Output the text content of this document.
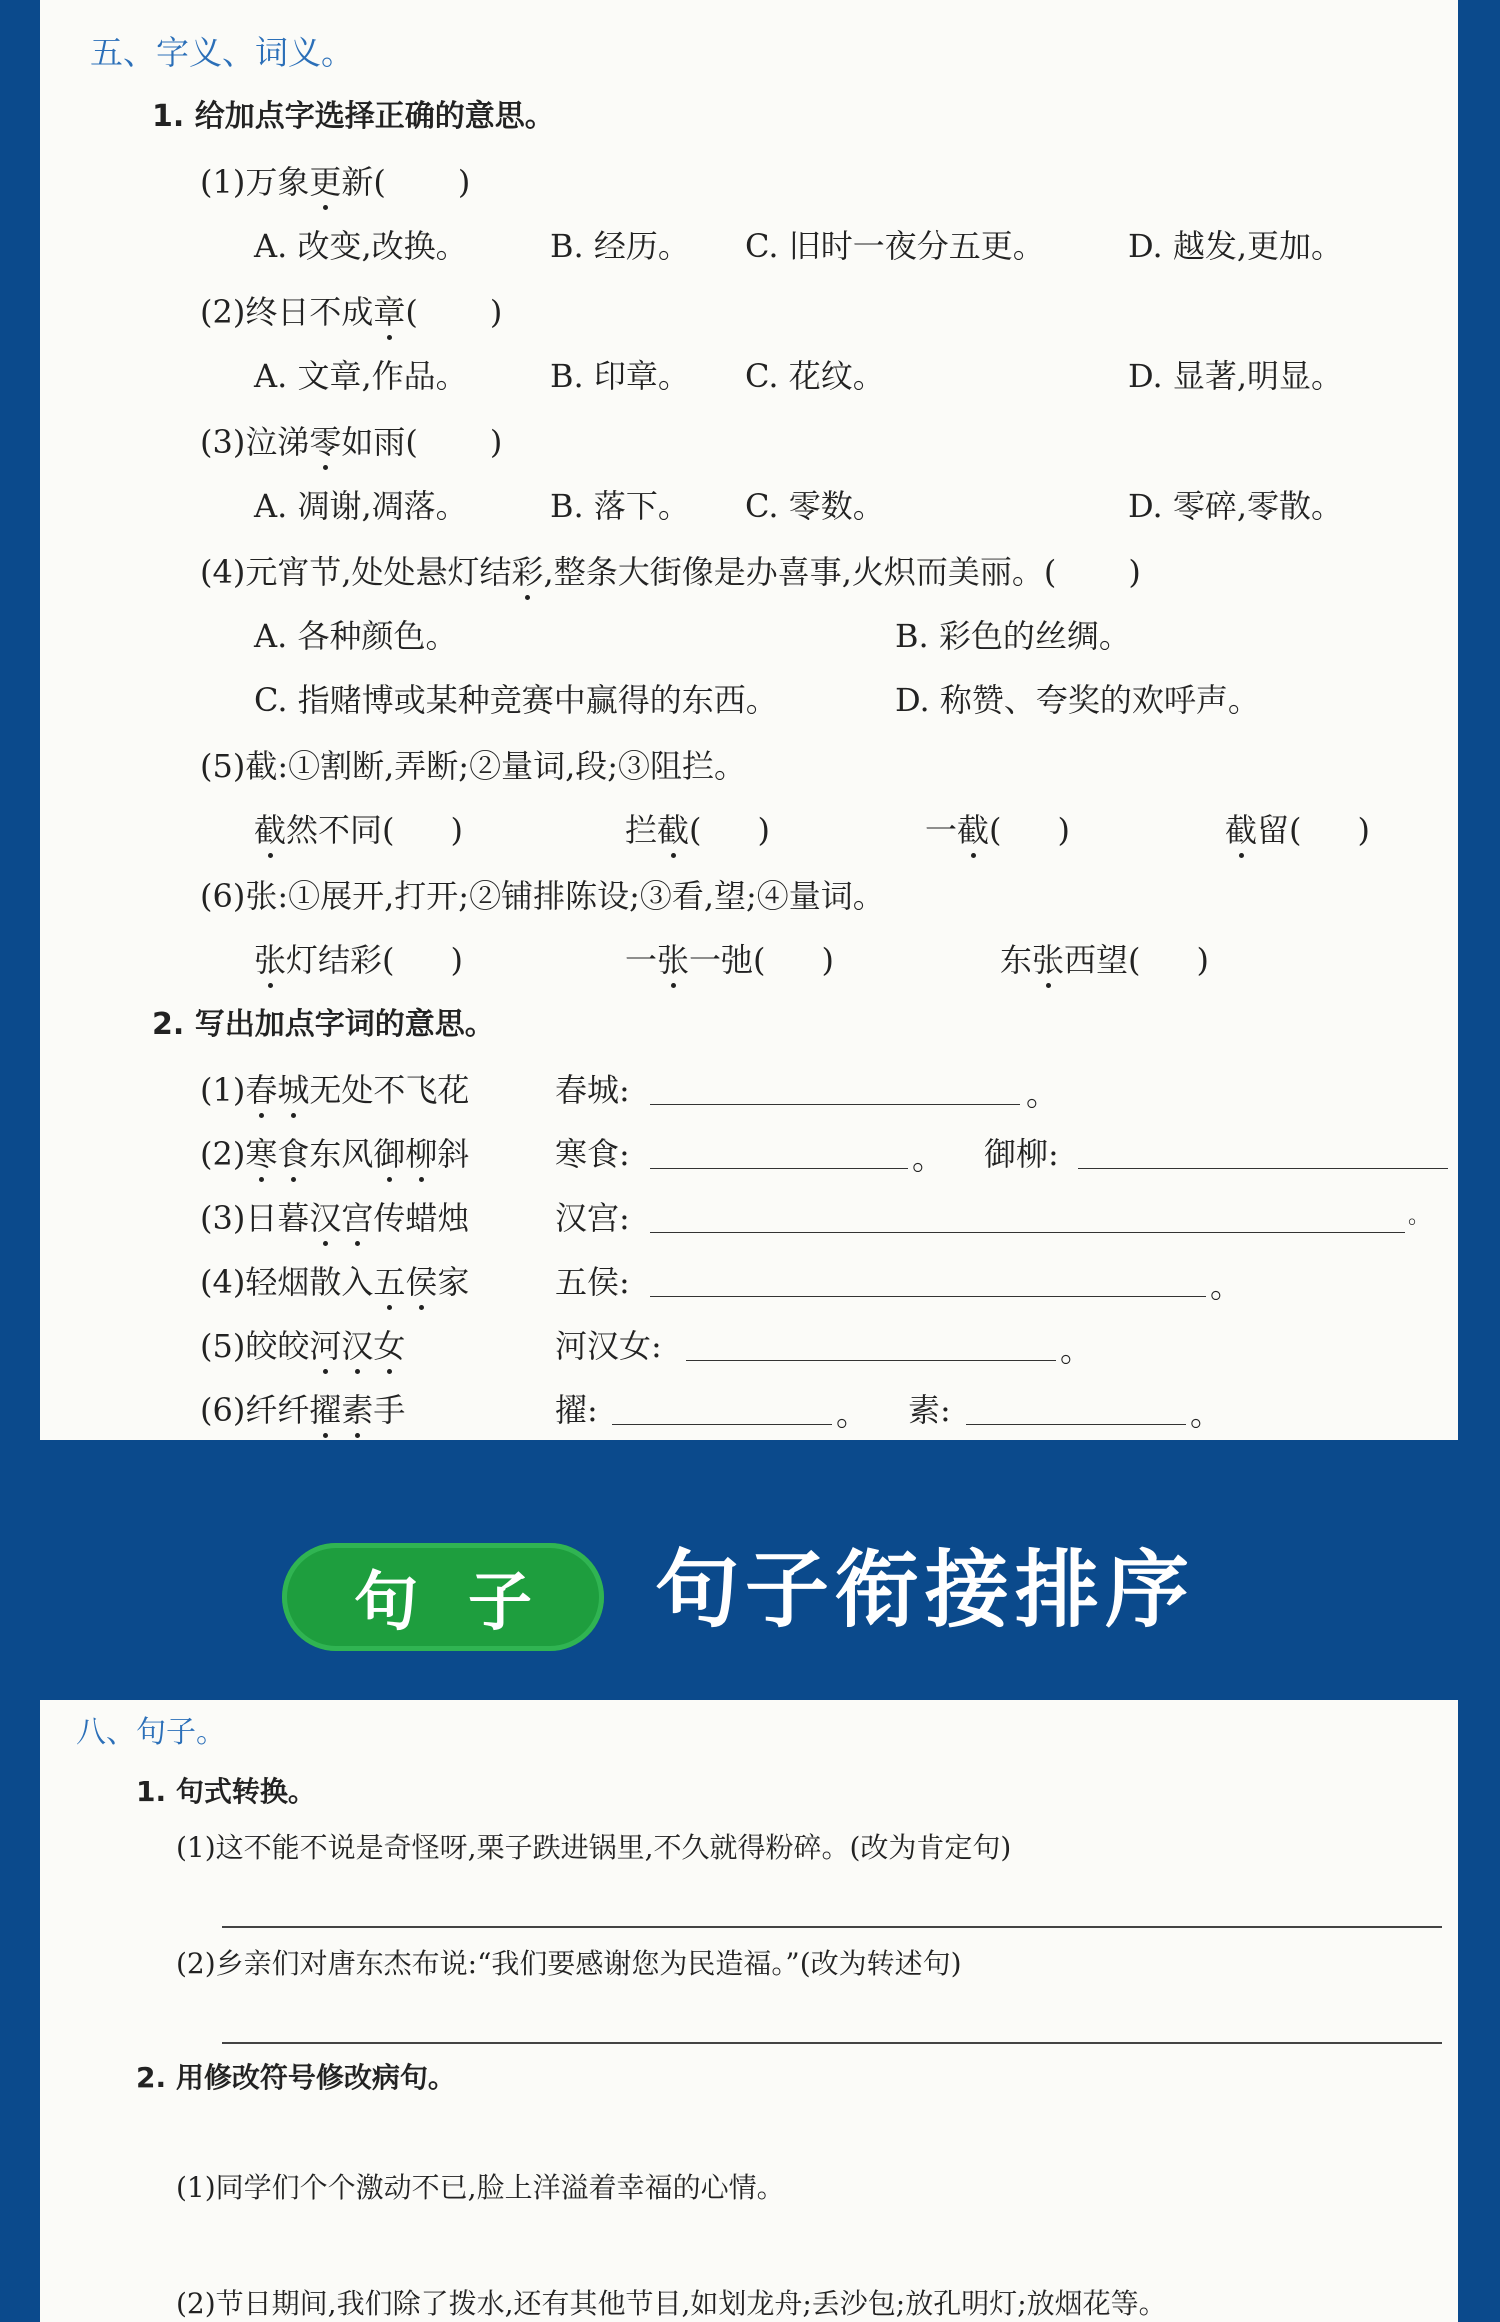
五、字义、词义。
1. 给加点字选择正确的意思。
(1)万象更新( )
A. 改变,改换。	B. 经历。 C. 旧时一夜分五更。	D. 越发,更加。
(2)终日不成章( )
A. 文章,作品。	B. 印章。 C. 花纹。	D. 显著,明显。
(3)泣涕零如雨( )
A. 凋谢,凋落。	B. 落下。 C. 零数。	D. 零碎,零散。
(4)元宵节,处处悬灯结彩,整条大街像是办喜事,火炽而美丽。( )
A. 各种颜色。	B. 彩色的丝绸。
C. 指赌博或某种竞赛中赢得的东西。	D. 称赞、夸奖的欢呼声。
(5)截:①割断,弄断;②量词,段;③阻拦。
截然不同( )	拦截( )	一截( )	截留( )
(6)张:①展开,打开;②铺排陈设;③看,望;④量词。
张灯结彩( )	一张一弛( )	东张西望( )
2. 写出加点字词的意思。
(1)春城无处不飞花	春城:	。
(2)寒食东风御柳斜	寒食:	。 御柳:
(3)日暮汉宫传蜡烛	汉宫:	。
(4)轻烟散入五侯家	五侯:	。
(5)皎皎河汉女	河汉女:	。
(6)纤纤擢素手	擢:	。 素:	。
句子 句子衔接排序
八、句子。
1. 句式转换。
(1)这不能不说是奇怪呀,栗子跌进锅里,不久就得粉碎。(改为肯定句)
(2)乡亲们对唐东杰布说:“我们要感谢您为民造福。”(改为转述句)
2. 用修改符号修改病句。
(1)同学们个个激动不已,脸上洋溢着幸福的心情。
(2)节日期间,我们除了拨水,还有其他节目,如划龙舟;丢沙包;放孔明灯;放烟花等。
